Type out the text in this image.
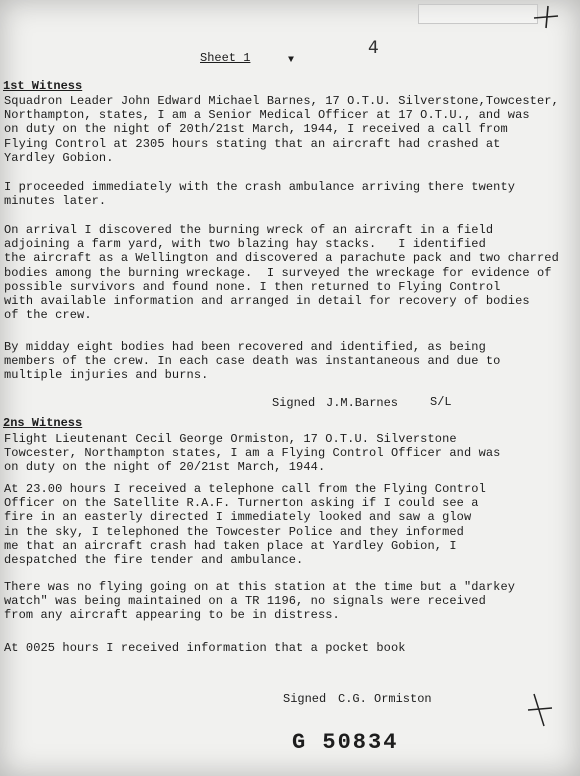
Sheet 1	▼
4
1st Witness
Squadron Leader John Edward Michael Barnes, 17 O.T.U. Silverstone,Towcester,
Northampton, states, I am a Senior Medical Officer at 17 O.T.U., and was
on duty on the night of 20th/21st March, 1944, I received a call from
Flying Control at 2305 hours stating that an aircraft had crashed at
Yardley Gobion.
I proceeded immediately with the crash ambulance arriving there twenty
minutes later.
On arrival I discovered the burning wreck of an aircraft in a field
adjoining a farm yard, with two blazing hay stacks.   I identified
the aircraft as a Wellington and discovered a parachute pack and two charred
bodies among the burning wreckage.  I surveyed the wreckage for evidence of
possible survivors and found none. I then returned to Flying Control
with available information and arranged in detail for recovery of bodies
of the crew.
By midday eight bodies had been recovered and identified, as being
members of the crew. In each case death was instantaneous and due to
multiple injuries and burns.
Signed J.M.Barnes	S/L
2ns Witness
Flight Lieutenant Cecil George Ormiston, 17 O.T.U. Silverstone
Towcester, Northampton states, I am a Flying Control Officer and was
on duty on the night of 20/21st March, 1944.
At 23.00 hours I received a telephone call from the Flying Control
Officer on the Satellite R.A.F. Turnerton asking if I could see a
fire in an easterly directed I immediately looked and saw a glow
in the sky, I telephoned the Towcester Police and they informed
me that an aircraft crash had taken place at Yardley Gobion, I
despatched the fire tender and ambulance.
There was no flying going on at this station at the time but a "darkey
watch" was being maintained on a TR 1196, no signals were received
from any aircraft appearing to be in distress.
At 0025 hours I received information that a pocket book
Signed C.G. Ormiston
G 50834
